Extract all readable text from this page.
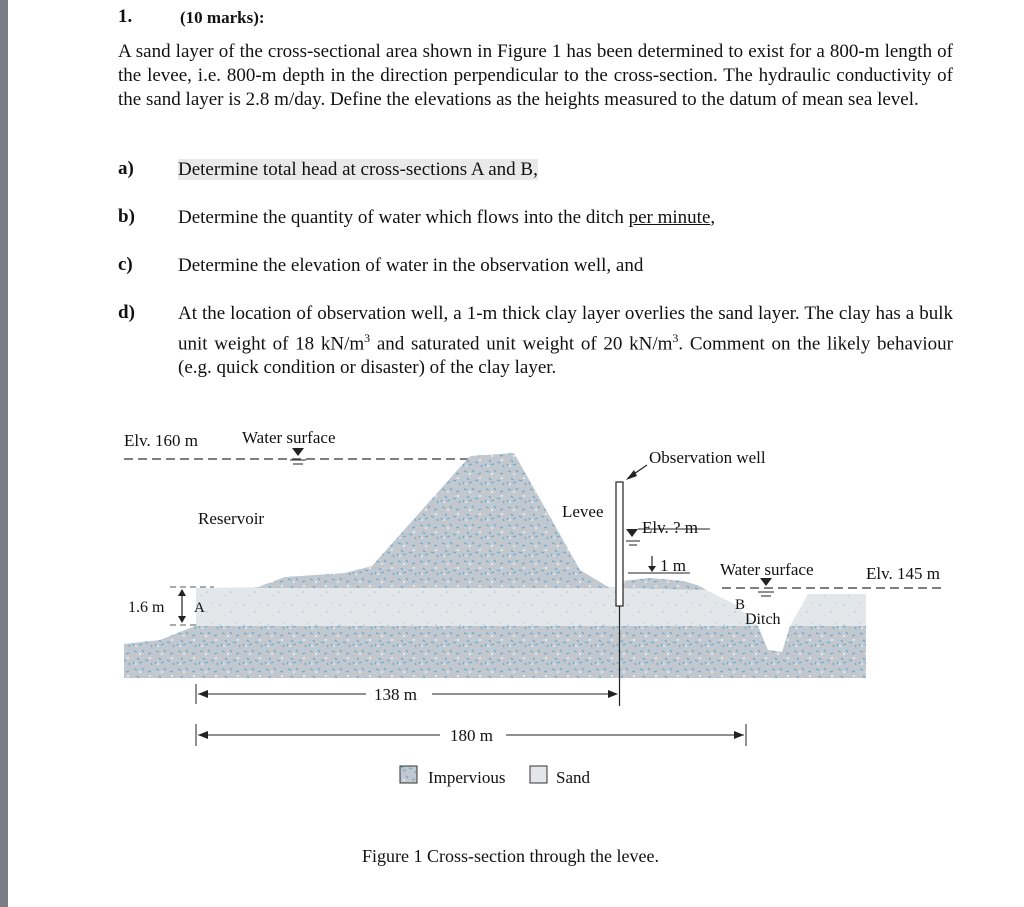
1.	(10 marks):
A sand layer of the cross-sectional area shown in Figure 1 has been determined to exist for a 800-m length of the levee, i.e. 800-m depth in the direction perpendicular to the cross-section. The hydraulic conductivity of the sand layer is 2.8 m/day. Define the elevations as the heights measured to the datum of mean sea level.
a) Determine total head at cross-sections A and B,
b) Determine the quantity of water which flows into the ditch per minute,
c) Determine the elevation of water in the observation well, and
d) At the location of observation well, a 1-m thick clay layer overlies the sand layer. The clay has a bulk unit weight of 18 $kN/m^3$ and saturated unit weight of 20 $kN/m^3$. Comment on the likely behaviour (e.g. quick condition or disaster) of the clay layer.
Elv. 160 m	Water surface
Reservoir	Levee
Observation well
Elv. ? m
1 m Water surface	Elv. 145 m
1.6 m A	B
Ditch
138 m
180 m
Impervious	Sand
Figure 1 Cross-section through the levee.
